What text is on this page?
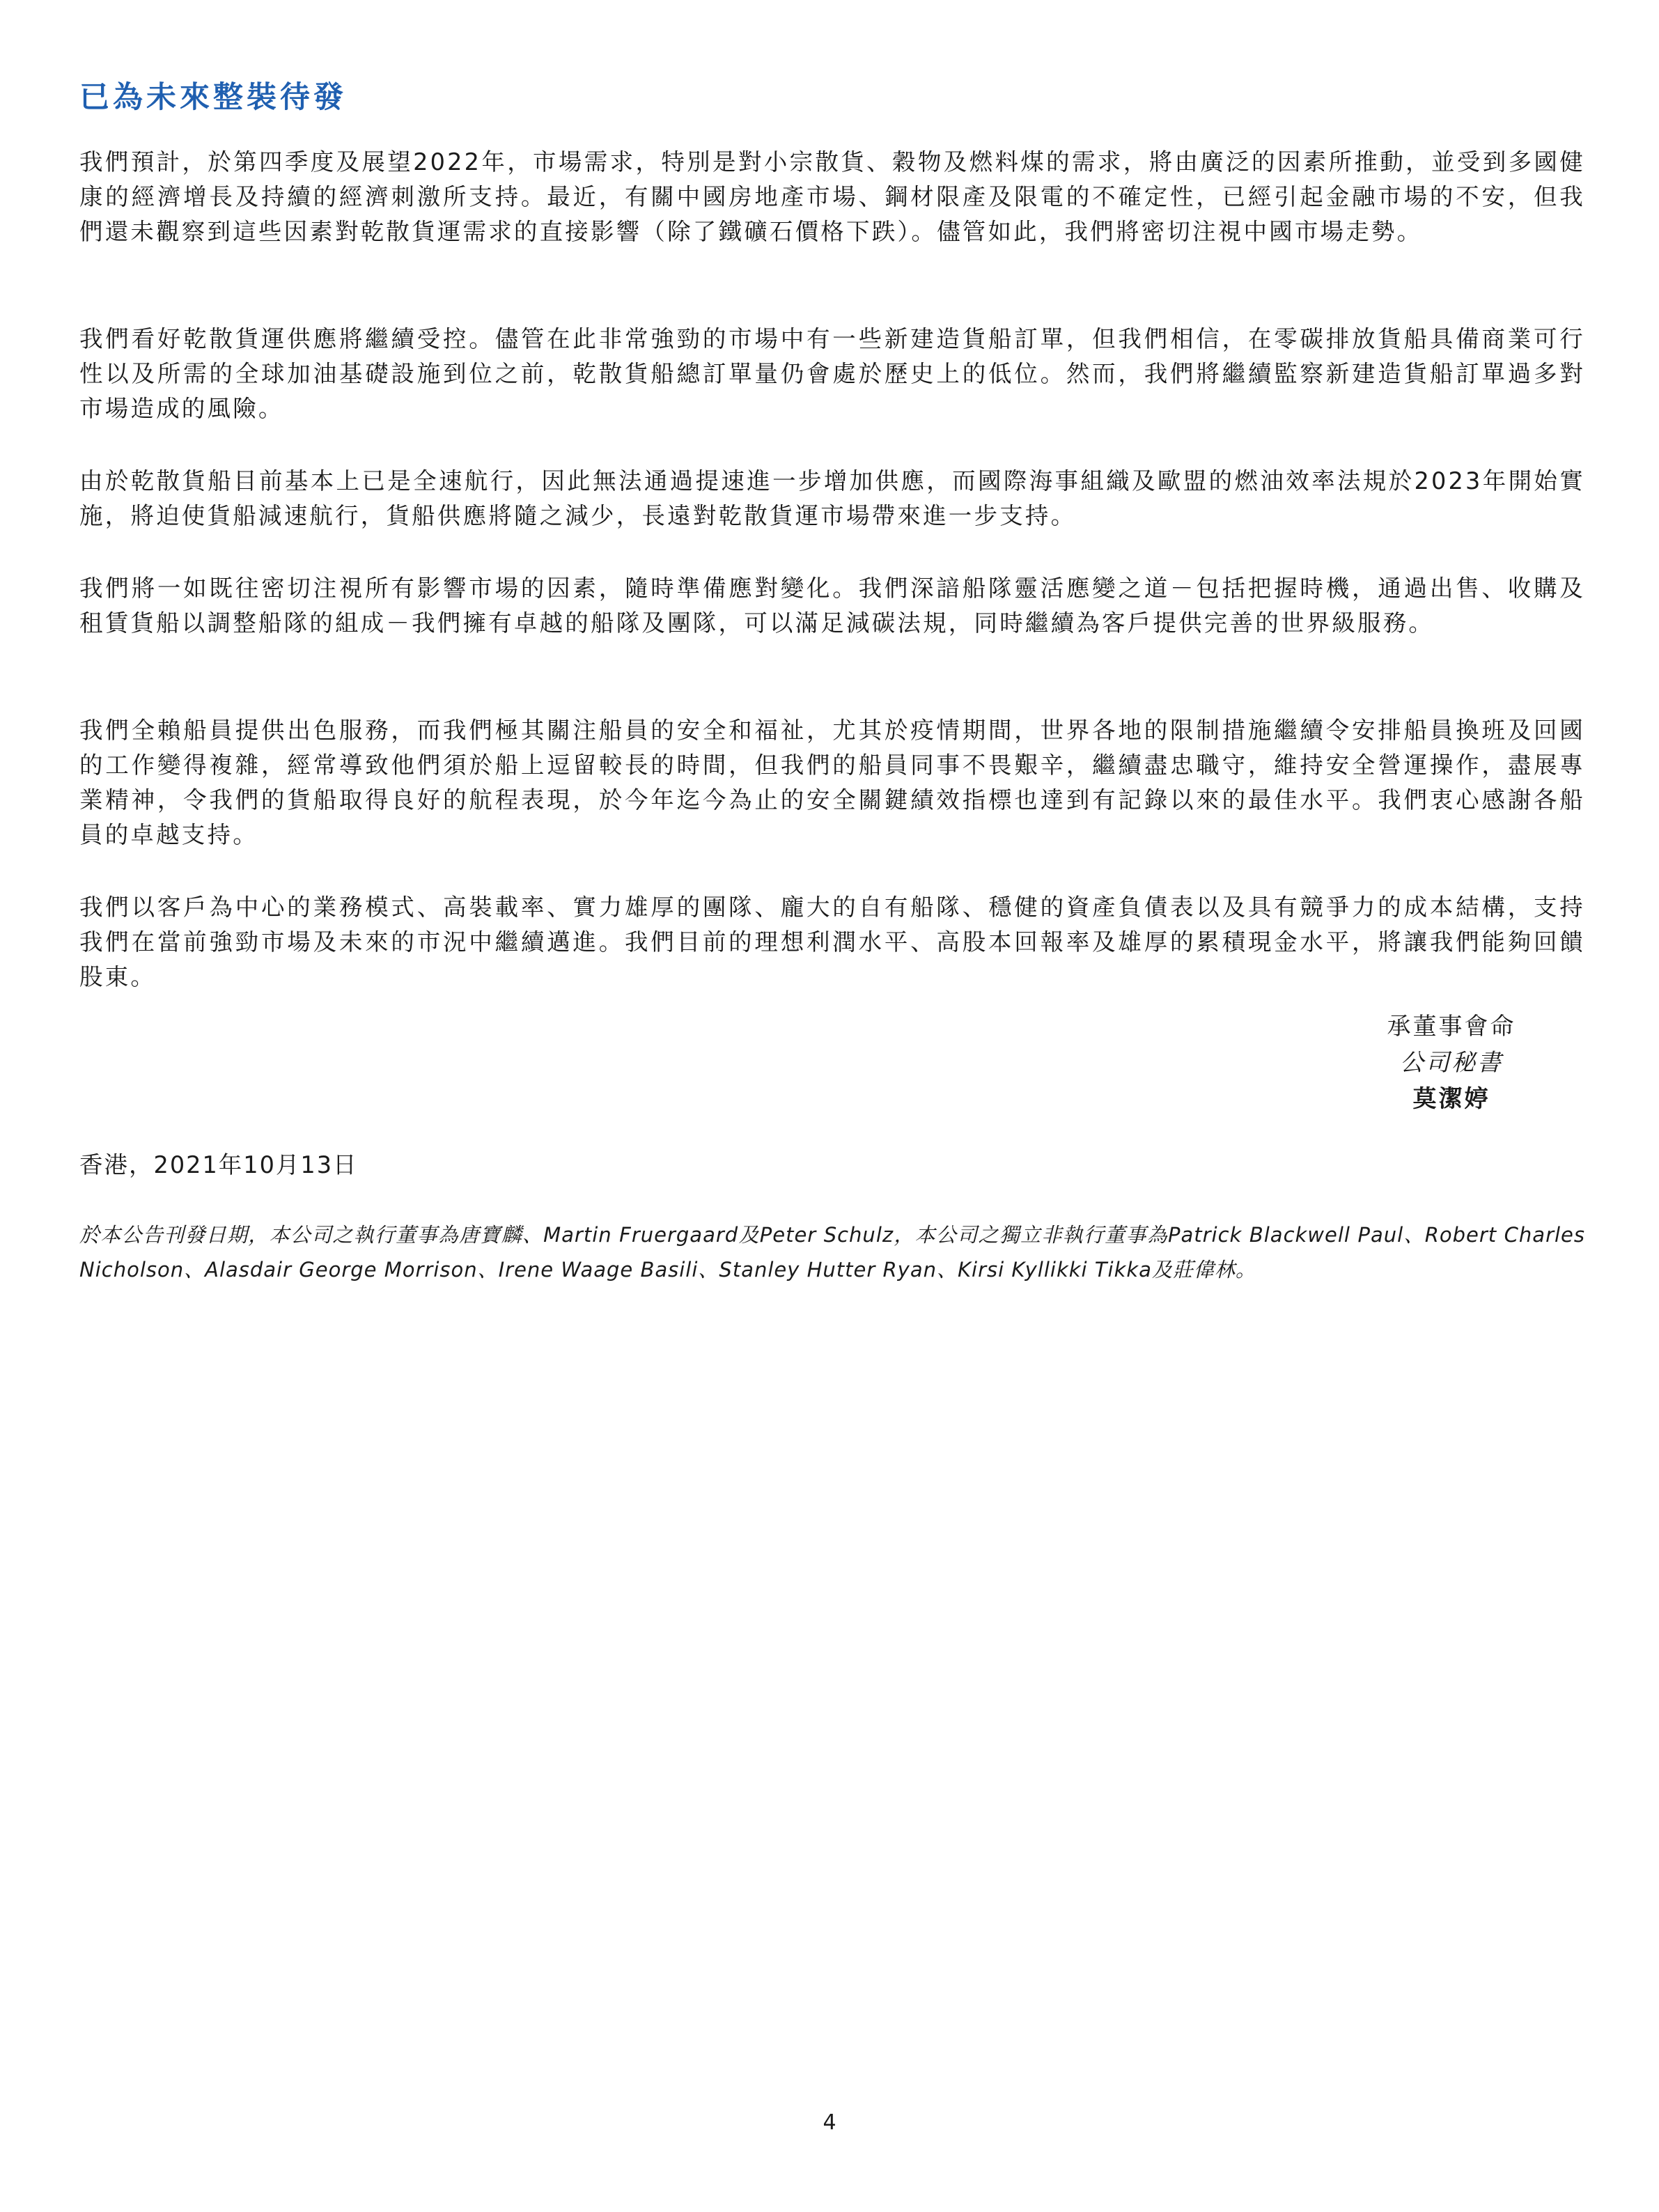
已為未來整裝待發

我們預計，於第四季度及展望2022年，市場需求，特別是對小宗散貨、穀物及燃料煤的需求，將由廣泛的因素所推動，並受到多國健康的經濟增長及持續的經濟刺激所支持。最近，有關中國房地產市場、鋼材限產及限電的不確定性，已經引起金融市場的不安，但我們還未觀察到這些因素對乾散貨運需求的直接影響（除了鐵礦石價格下跌）。儘管如此，我們將密切注視中國市場走勢。

我們看好乾散貨運供應將繼續受控。儘管在此非常強勁的市場中有一些新建造貨船訂單，但我們相信，在零碳排放貨船具備商業可行性以及所需的全球加油基礎設施到位之前，乾散貨船總訂單量仍會處於歷史上的低位。然而，我們將繼續監察新建造貨船訂單過多對市場造成的風險。

由於乾散貨船目前基本上已是全速航行，因此無法通過提速進一步增加供應，而國際海事組織及歐盟的燃油效率法規於2023年開始實施，將迫使貨船減速航行，貨船供應將隨之減少，長遠對乾散貨運市場帶來進一步支持。

我們將一如既往密切注視所有影響市場的因素，隨時準備應對變化。我們深諳船隊靈活應變之道－包括把握時機，通過出售、收購及租賃貨船以調整船隊的組成－我們擁有卓越的船隊及團隊，可以滿足減碳法規，同時繼續為客戶提供完善的世界級服務。

我們全賴船員提供出色服務，而我們極其關注船員的安全和福祉，尤其於疫情期間，世界各地的限制措施繼續令安排船員換班及回國的工作變得複雜，經常導致他們須於船上逗留較長的時間，但我們的船員同事不畏艱辛，繼續盡忠職守，維持安全營運操作，盡展專業精神，令我們的貨船取得良好的航程表現，於今年迄今為止的安全關鍵績效指標也達到有記錄以來的最佳水平。我們衷心感謝各船員的卓越支持。

我們以客戶為中心的業務模式、高裝載率、實力雄厚的團隊、龐大的自有船隊、穩健的資產負債表以及具有競爭力的成本結構，支持我們在當前強勁市場及未來的市況中繼續邁進。我們目前的理想利潤水平、高股本回報率及雄厚的累積現金水平，將讓我們能夠回饋股東。

承董事會命
公司秘書
莫潔婷
香港，2021年10月13日
於本公告刊發日期，本公司之執行董事為唐寶麟、Martin Fruergaard及Peter Schulz，本公司之獨立非執行董事為Patrick Blackwell Paul、Robert Charles Nicholson、Alasdair George Morrison、Irene Waage Basili、Stanley Hutter Ryan、Kirsi Kyllikki Tikka及莊偉林。
4
